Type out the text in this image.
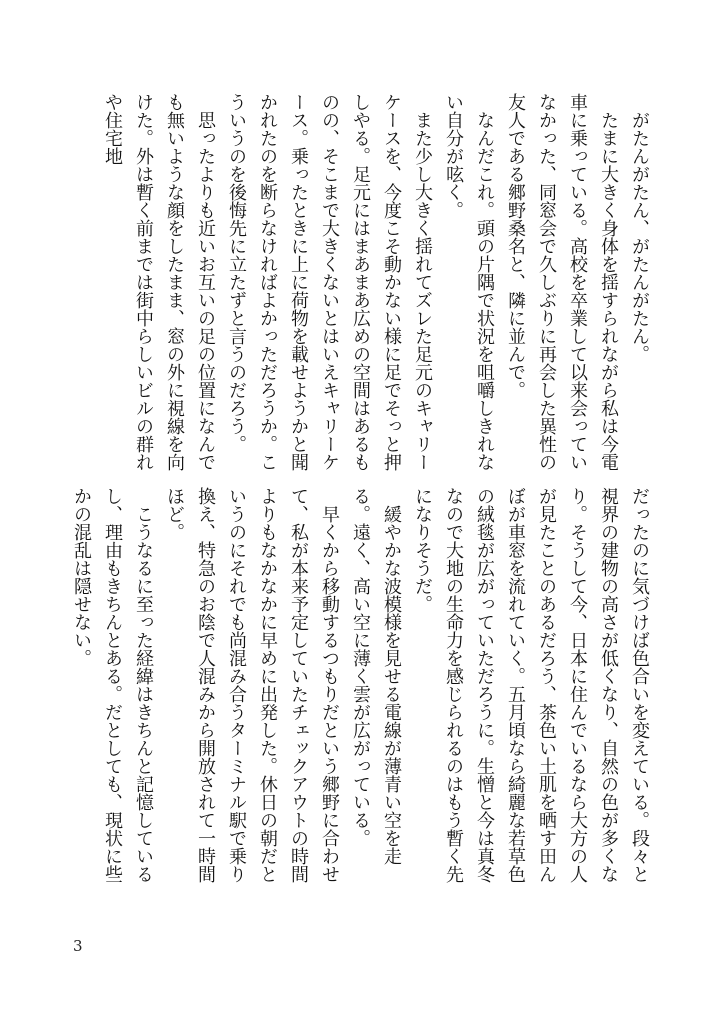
　がたんがたん、がたんがたん。

　たまに大きく身体を揺すられながら私は今電車に乗っている。高校を卒業して以来会っていなかった、同窓会で久しぶりに再会した異性の友人である郷野桑名と、隣に並んで。

　なんだこれ。頭の片隅で状況を咀嚼しきれない自分が呟く。

　また少し大きく揺れてズレた足元のキャリーケースを、今度こそ動かない様に足でそっと押しやる。足元にはまあまあ広めの空間はあるものの、そこまで大きくないとはいえキャリーケース。乗ったときに上に荷物を載せようかと聞かれたのを断らなければよかっただろうか。こういうのを後悔先に立たずと言うのだろう。

　思ったよりも近いお互いの足の位置になんでも無いような顔をしたまま、窓の外に視線を向けた。外は暫く前までは街中らしいビルの群れや住宅地

だったのに気づけば色合いを変えている。段々と視界の建物の高さが低くなり、自然の色が多くなり。そうして今、日本に住んでいるなら大方の人が見たことのあるだろう、茶色い土肌を晒す田んぼが車窓を流れていく。五月頃なら綺麗な若草色の絨毯が広がっていただろうに。生憎と今は真冬なので大地の生命力を感じられるのはもう暫く先になりそうだ。

　緩やかな波模様を見せる電線が薄青い空を走る。遠く、高い空に薄く雲が広がっている。

　早くから移動するつもりだという郷野に合わせて、私が本来予定していたチェックアウトの時間よりもなかなかに早めに出発した。休日の朝だというのにそれでも尚混み合うターミナル駅で乗り換え、特急のお陰で人混みから開放されて一時間ほど。

　こうなるに至った経緯はきちんと記憶しているし、理由もきちんとある。だとしても、現状に些かの混乱は隠せない。

3
